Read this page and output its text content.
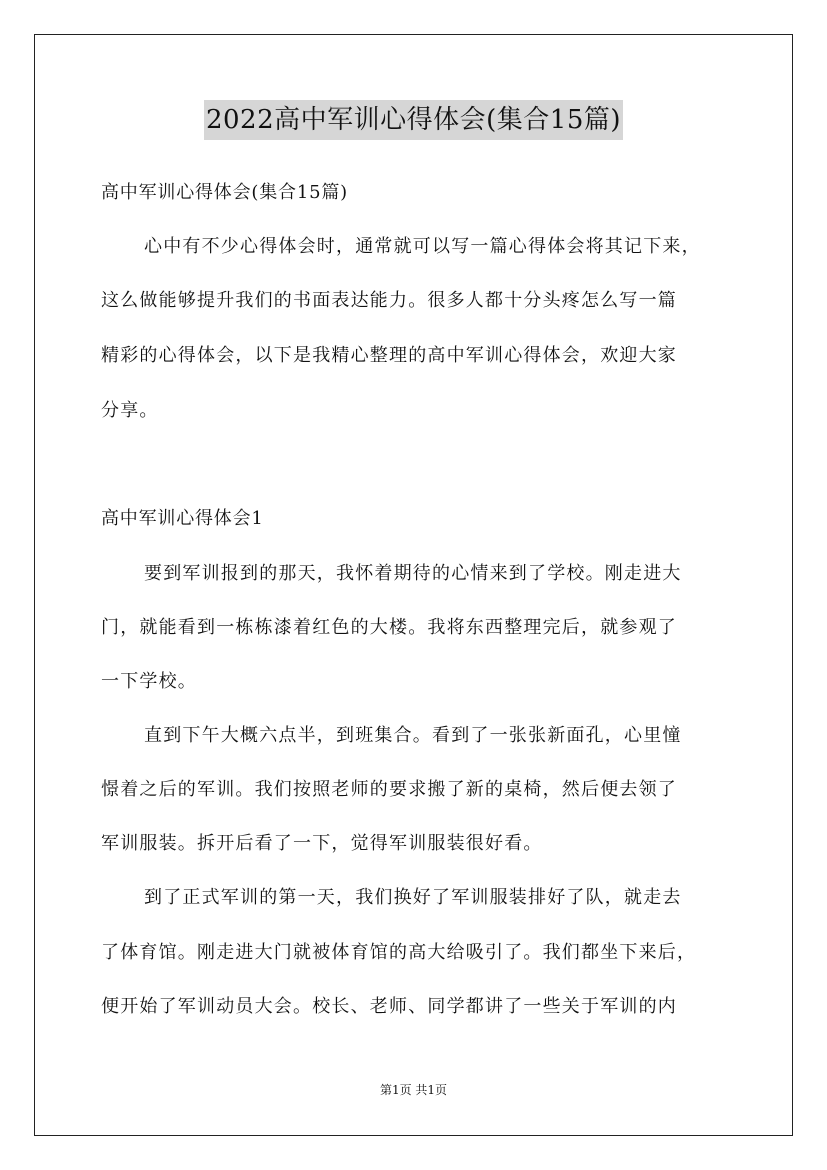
2022高中军训心得体会(集合15篇)
高中军训心得体会(集合15篇)
心中有不少心得体会时，通常就可以写一篇心得体会将其记下来，
这么做能够提升我们的书面表达能力。很多人都十分头疼怎么写一篇
精彩的心得体会，以下是我精心整理的高中军训心得体会，欢迎大家
分享。
高中军训心得体会1
要到军训报到的那天，我怀着期待的心情来到了学校。刚走进大
门，就能看到一栋栋漆着红色的大楼。我将东西整理完后，就参观了
一下学校。
直到下午大概六点半，到班集合。看到了一张张新面孔，心里憧
憬着之后的军训。我们按照老师的要求搬了新的桌椅，然后便去领了
军训服装。拆开后看了一下，觉得军训服装很好看。
到了正式军训的第一天，我们换好了军训服装排好了队，就走去
了体育馆。刚走进大门就被体育馆的高大给吸引了。我们都坐下来后，
便开始了军训动员大会。校长、老师、同学都讲了一些关于军训的内
第1页 共1页
